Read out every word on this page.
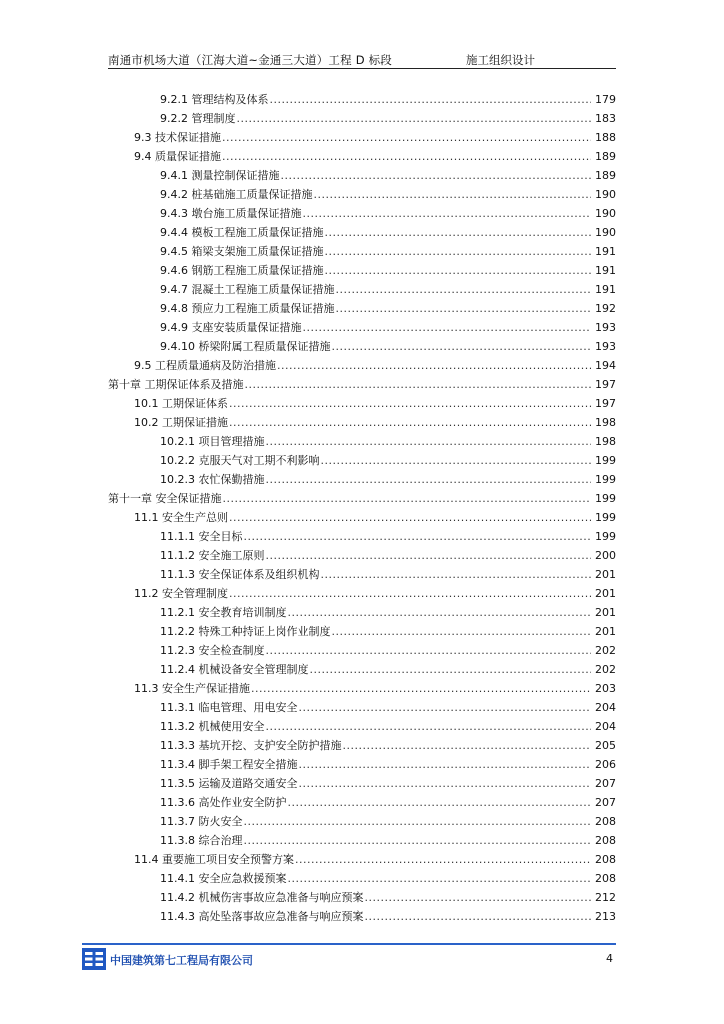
南通市机场大道（江海大道~金通三大道）工程 D 标段	施工组织设计
9.2.1 管理结构及体系 .....	179
9.2.2 管理制度 .....	183
9.3 技术保证措施 .....	188
9.4 质量保证措施 .....	189
9.4.1 测量控制保证措施 .....	189
9.4.2 桩基础施工质量保证措施 .....	190
9.4.3 墩台施工质量保证措施 .....	190
9.4.4 模板工程施工质量保证措施 .....	190
9.4.5 箱梁支架施工质量保证措施 .....	191
9.4.6 钢筋工程施工质量保证措施 .....	191
9.4.7 混凝土工程施工质量保证措施 .....	191
9.4.8 预应力工程施工质量保证措施 .....	192
9.4.9 支座安装质量保证措施 .....	193
9.4.10 桥梁附属工程质量保证措施 .....	193
9.5 工程质量通病及防治措施 .....	194
第十章 工期保证体系及措施 .....	197
10.1 工期保证体系 .....	197
10.2 工期保证措施 .....	198
10.2.1 项目管理措施 .....	198
10.2.2 克服天气对工期不利影响 .....	199
10.2.3 农忙保勤措施 .....	199
第十一章 安全保证措施 .....	199
11.1 安全生产总则 .....	199
11.1.1 安全目标 .....	199
11.1.2 安全施工原则 .....	200
11.1.3 安全保证体系及组织机构 .....	201
11.2 安全管理制度 .....	201
11.2.1 安全教育培训制度 .....	201
11.2.2 特殊工种持证上岗作业制度 .....	201
11.2.3 安全检查制度 .....	202
11.2.4 机械设备安全管理制度 .....	202
11.3 安全生产保证措施 .....	203
11.3.1 临电管理、用电安全 .....	204
11.3.2 机械使用安全 .....	204
11.3.3 基坑开挖、支护安全防护措施 .....	205
11.3.4 脚手架工程安全措施 .....	206
11.3.5 运输及道路交通安全 .....	207
11.3.6 高处作业安全防护 .....	207
11.3.7 防火安全 .....	208
11.3.8 综合治理 .....	208
11.4 重要施工项目安全预警方案 .....	208
11.4.1 安全应急救援预案 .....	208
11.4.2 机械伤害事故应急准备与响应预案 .....	212
11.4.3 高处坠落事故应急准备与响应预案 .....	213
中国建筑第七工程局有限公司	4
